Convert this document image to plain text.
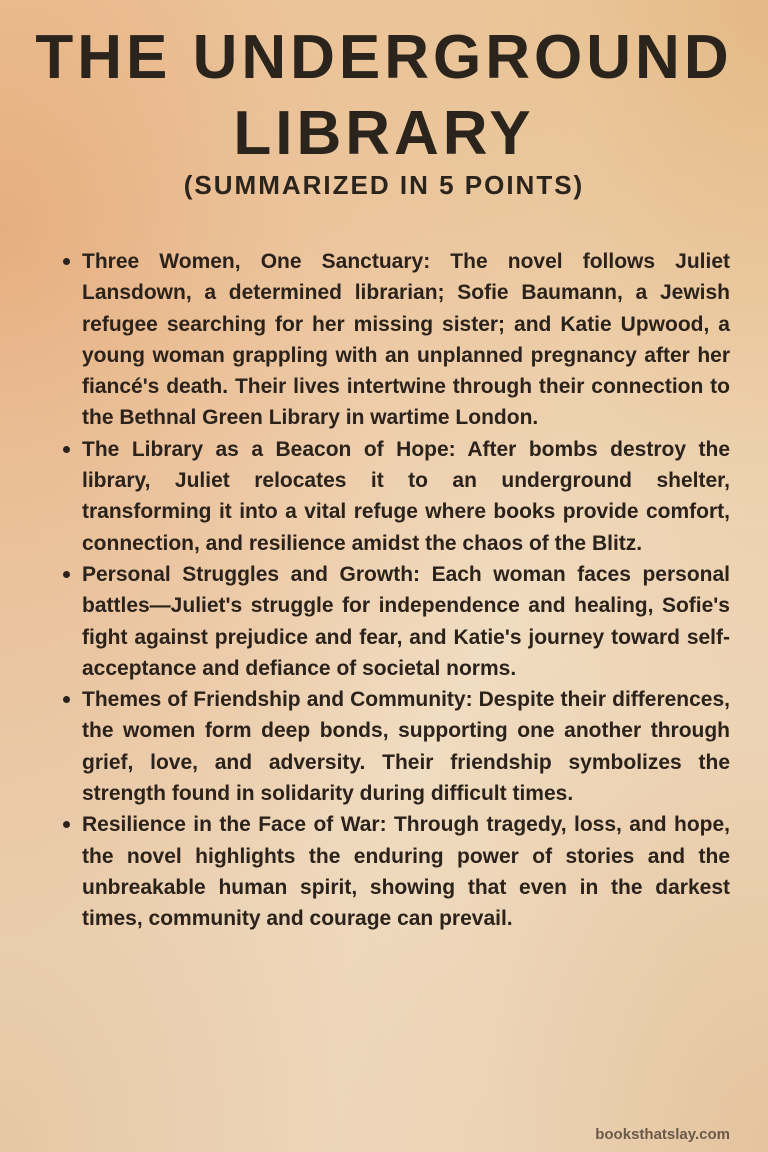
THE UNDERGROUND
LIBRARY
(SUMMARIZED IN 5 POINTS)
Three Women, One Sanctuary: The novel follows Juliet Lansdown, a determined librarian; Sofie Baumann, a Jewish refugee searching for her missing sister; and Katie Upwood, a young woman grappling with an unplanned pregnancy after her fiancé's death. Their lives intertwine through their connection to the Bethnal Green Library in wartime London.
The Library as a Beacon of Hope: After bombs destroy the library, Juliet relocates it to an underground shelter, transforming it into a vital refuge where books provide comfort, connection, and resilience amidst the chaos of the Blitz.
Personal Struggles and Growth: Each woman faces personal battles—Juliet's struggle for independence and healing, Sofie's fight against prejudice and fear, and Katie's journey toward self-acceptance and defiance of societal norms.
Themes of Friendship and Community: Despite their differences, the women form deep bonds, supporting one another through grief, love, and adversity. Their friendship symbolizes the strength found in solidarity during difficult times.
Resilience in the Face of War: Through tragedy, loss, and hope, the novel highlights the enduring power of stories and the unbreakable human spirit, showing that even in the darkest times, community and courage can prevail.
booksthatslay.com
